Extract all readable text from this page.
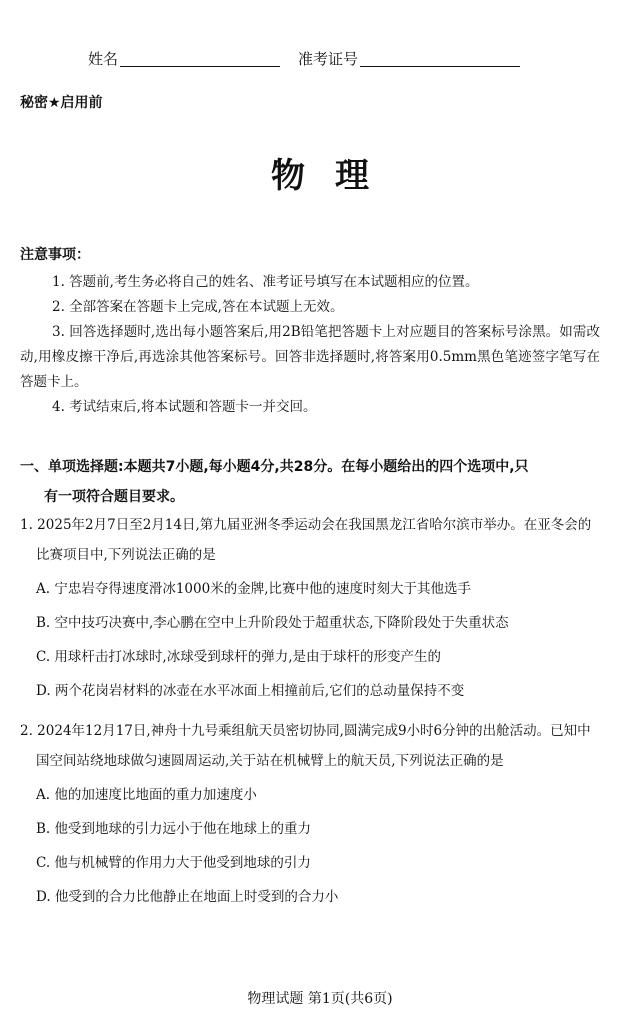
姓名	准考证号
秘密★启用前
物理
注意事项：

1. 答题前,考生务必将自己的姓名、准考证号填写在本试题相应的位置。

2. 全部答案在答题卡上完成,答在本试题上无效。

3. 回答选择题时,选出每小题答案后,用2B铅笔把答题卡上对应题目的答案标号涂黑。如需改动,用橡皮擦干净后,再选涂其他答案标号。回答非选择题时,将答案用0.5mm黑色笔迹签字笔写在答题卡上。

4. 考试结束后,将本试题和答题卡一并交回。

一、单项选择题:本题共7小题,每小题4分,共28分。在每小题给出的四个选项中,只
有一项符合题目要求。

1. 2025年2月7日至2月14日,第九届亚洲冬季运动会在我国黑龙江省哈尔滨市举办。在亚冬会的比赛项目中,下列说法正确的是

A. 宁忠岩夺得速度滑冰1000米的金牌,比赛中他的速度时刻大于其他选手

B. 空中技巧决赛中,李心鹏在空中上升阶段处于超重状态,下降阶段处于失重状态

C. 用球杆击打冰球时,冰球受到球杆的弹力,是由于球杆的形变产生的

D. 两个花岗岩材料的冰壶在水平冰面上相撞前后,它们的总动量保持不变

2. 2024年12月17日,神舟十九号乘组航天员密切协同,圆满完成9小时6分钟的出舱活动。已知中国空间站绕地球做匀速圆周运动,关于站在机械臂上的航天员,下列说法正确的是

A. 他的加速度比地面的重力加速度小

B. 他受到地球的引力远小于他在地球上的重力

C. 他与机械臂的作用力大于他受到地球的引力

D. 他受到的合力比他静止在地面上时受到的合力小

物理试题 第1页(共6页)
